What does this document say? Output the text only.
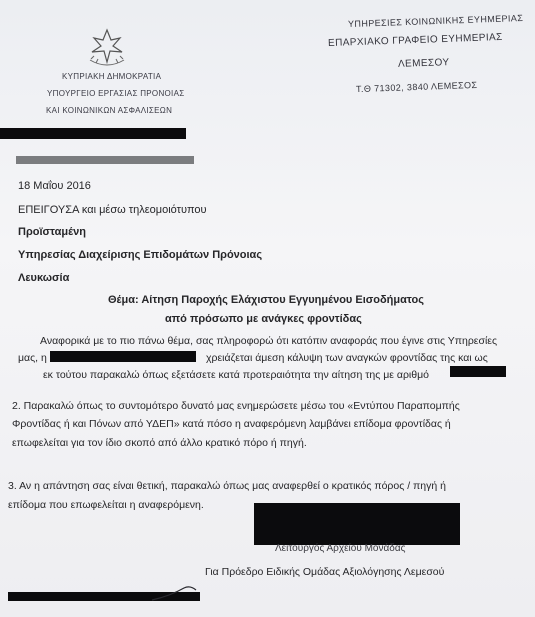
ΚΥΠΡΙΑΚΗ ΔΗΜΟΚΡΑΤΙΑ
ΥΠΟΥΡΓΕΙΟ ΕΡΓΑΣΙΑΣ ΠΡΟΝΟΙΑΣ
ΚΑΙ ΚΟΙΝΩΝΙΚΩΝ ΑΣΦΑΛΙΣΕΩΝ
ΥΠΗΡΕΣΙΕΣ ΚΟΙΝΩΝΙΚΗΣ ΕΥΗΜΕΡΙΑΣ
ΕΠΑΡΧΙΑΚΟ ΓΡΑΦΕΙΟ ΕΥΗΜΕΡΙΑΣ
ΛΕΜΕΣΟΥ
Τ.Θ 71302, 3840 ΛΕΜΕΣΟΣ
18 Μαΐου 2016
ΕΠΕΙΓΟΥΣΑ και μέσω τηλεομοιότυπου
Προϊσταμένη
Υπηρεσίας Διαχείρισης Επιδομάτων Πρόνοιας
Λευκωσία
Θέμα: Αίτηση Παροχής Ελάχιστου Εγγυημένου Εισοδήματος
από πρόσωπο με ανάγκες φροντίδας
Αναφορικά με το πιο πάνω θέμα, σας πληροφορώ ότι κατόπιν αναφοράς που έγινε στις Υπηρεσίες
μας, η	χρειάζεται άμεση κάλυψη των αναγκών φροντίδας της και ως
εκ τούτου παρακαλώ όπως εξετάσετε κατά προτεραιότητα την αίτηση της με αριθμό
2. Παρακαλώ όπως το συντομότερο δυνατό μας ενημερώσετε μέσω του «Εντύπου Παραπομπής
Φροντίδας ή και Πόνων από ΥΔΕΠ» κατά πόσο η αναφερόμενη λαμβάνει επίδομα φροντίδας ή
επωφελείται για τον ίδιο σκοπό από άλλο κρατικό πόρο ή πηγή.
3. Αν η απάντηση σας είναι θετική, παρακαλώ όπως μας αναφερθεί ο κρατικός πόρος / πηγή ή
επίδομα που επωφελείται η αναφερόμενη.
Λειτουργός Αρχείου Μονάδας
Για Πρόεδρο Ειδικής Ομάδας Αξιολόγησης Λεμεσού
